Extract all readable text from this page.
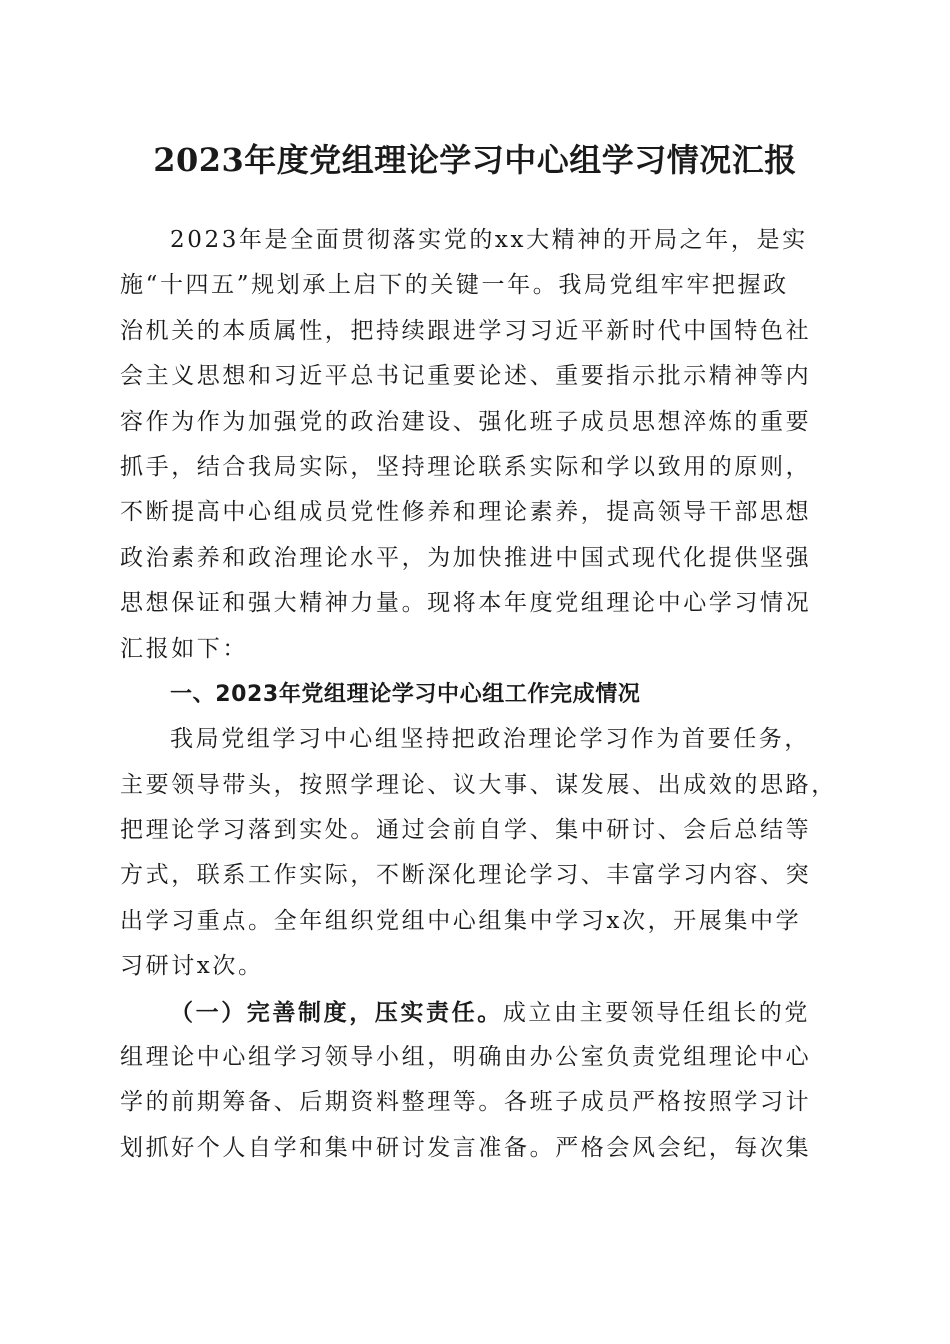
2023年度党组理论学习中心组学习情况汇报
2023年是全面贯彻落实党的xx大精神的开局之年，是实
施“十四五”规划承上启下的关键一年。我局党组牢牢把握政
治机关的本质属性，把持续跟进学习习近平新时代中国特色社
会主义思想和习近平总书记重要论述、重要指示批示精神等内
容作为作为加强党的政治建设、强化班子成员思想淬炼的重要
抓手，结合我局实际，坚持理论联系实际和学以致用的原则，
不断提高中心组成员党性修养和理论素养，提高领导干部思想
政治素养和政治理论水平，为加快推进中国式现代化提供坚强
思想保证和强大精神力量。现将本年度党组理论中心学习情况
汇报如下：
一、2023年党组理论学习中心组工作完成情况
我局党组学习中心组坚持把政治理论学习作为首要任务，
主要领导带头，按照学理论、议大事、谋发展、出成效的思路，
把理论学习落到实处。通过会前自学、集中研讨、会后总结等
方式，联系工作实际，不断深化理论学习、丰富学习内容、突
出学习重点。全年组织党组中心组集中学习x次，开展集中学
习研讨x次。
（一）完善制度，压实责任。成立由主要领导任组长的党
组理论中心组学习领导小组，明确由办公室负责党组理论中心
学的前期筹备、后期资料整理等。各班子成员严格按照学习计
划抓好个人自学和集中研讨发言准备。严格会风会纪，每次集
